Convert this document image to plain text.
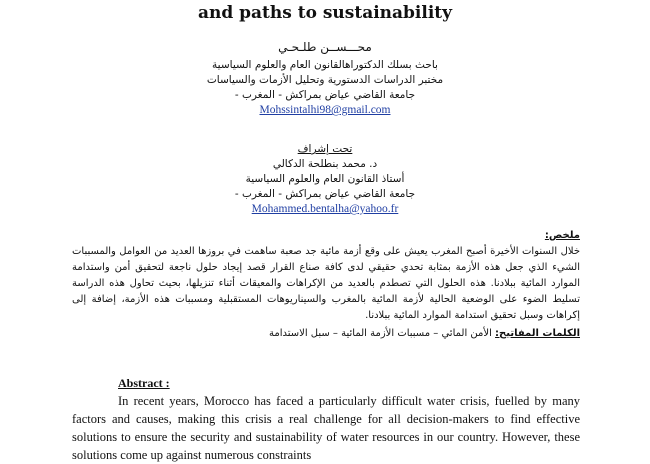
and paths to sustainability
محـــســن طلـحـي
باحث بسلك الدكتوراهالقانون العام والعلوم السياسية
مختبر الدراسات الدستورية وتحليل الأزمات والسياسات
جامعة القاضي عياض بمراكش - المغرب -
Mohssintalhi98@gmail.com
تحت إشراف
د. محمد بنطلحة الدكالي
أستاذ القانون العام والعلوم السياسية
جامعة القاضي عياض بمراكش - المغرب -
Mohammed.bentalha@yahoo.fr
ملخص:
خلال السنوات الأخيرة أصبح المغرب يعيش على وقع أزمة مائية جد صعبة ساهمت في بروزها العديد من العوامل والمسببات الشيء الذي جعل هذه الأزمة بمثابة تحدي حقيقي لدى كافة صناع القرار قصد إيجاد حلول ناجعة لتحقيق أمن واستدامة الموارد المائية ببلادنا. هذه الحلول التي تصطدم بالعديد من الإكراهات والمعيقات أثناء تنزيلها، بحيث تحاول هذه الدراسة تسليط الضوء على الوضعية الحالية لأزمة المائية بالمغرب والسيناريوهات المستقبلية ومسببات هذه الأزمة، إضافة إلى إكراهات وسبل تحقيق استدامة الموارد المائية ببلادنا.
الكلمات المفاتيح: الأمن المائي – مسببات الأزمة المائية – سبل الاستدامة
Abstract :
In recent years, Morocco has faced a particularly difficult water crisis, fuelled by many factors and causes, making this crisis a real challenge for all decision-makers to find effective solutions to ensure the security and sustainability of water resources in our country. However, these solutions come up against numerous constraints
